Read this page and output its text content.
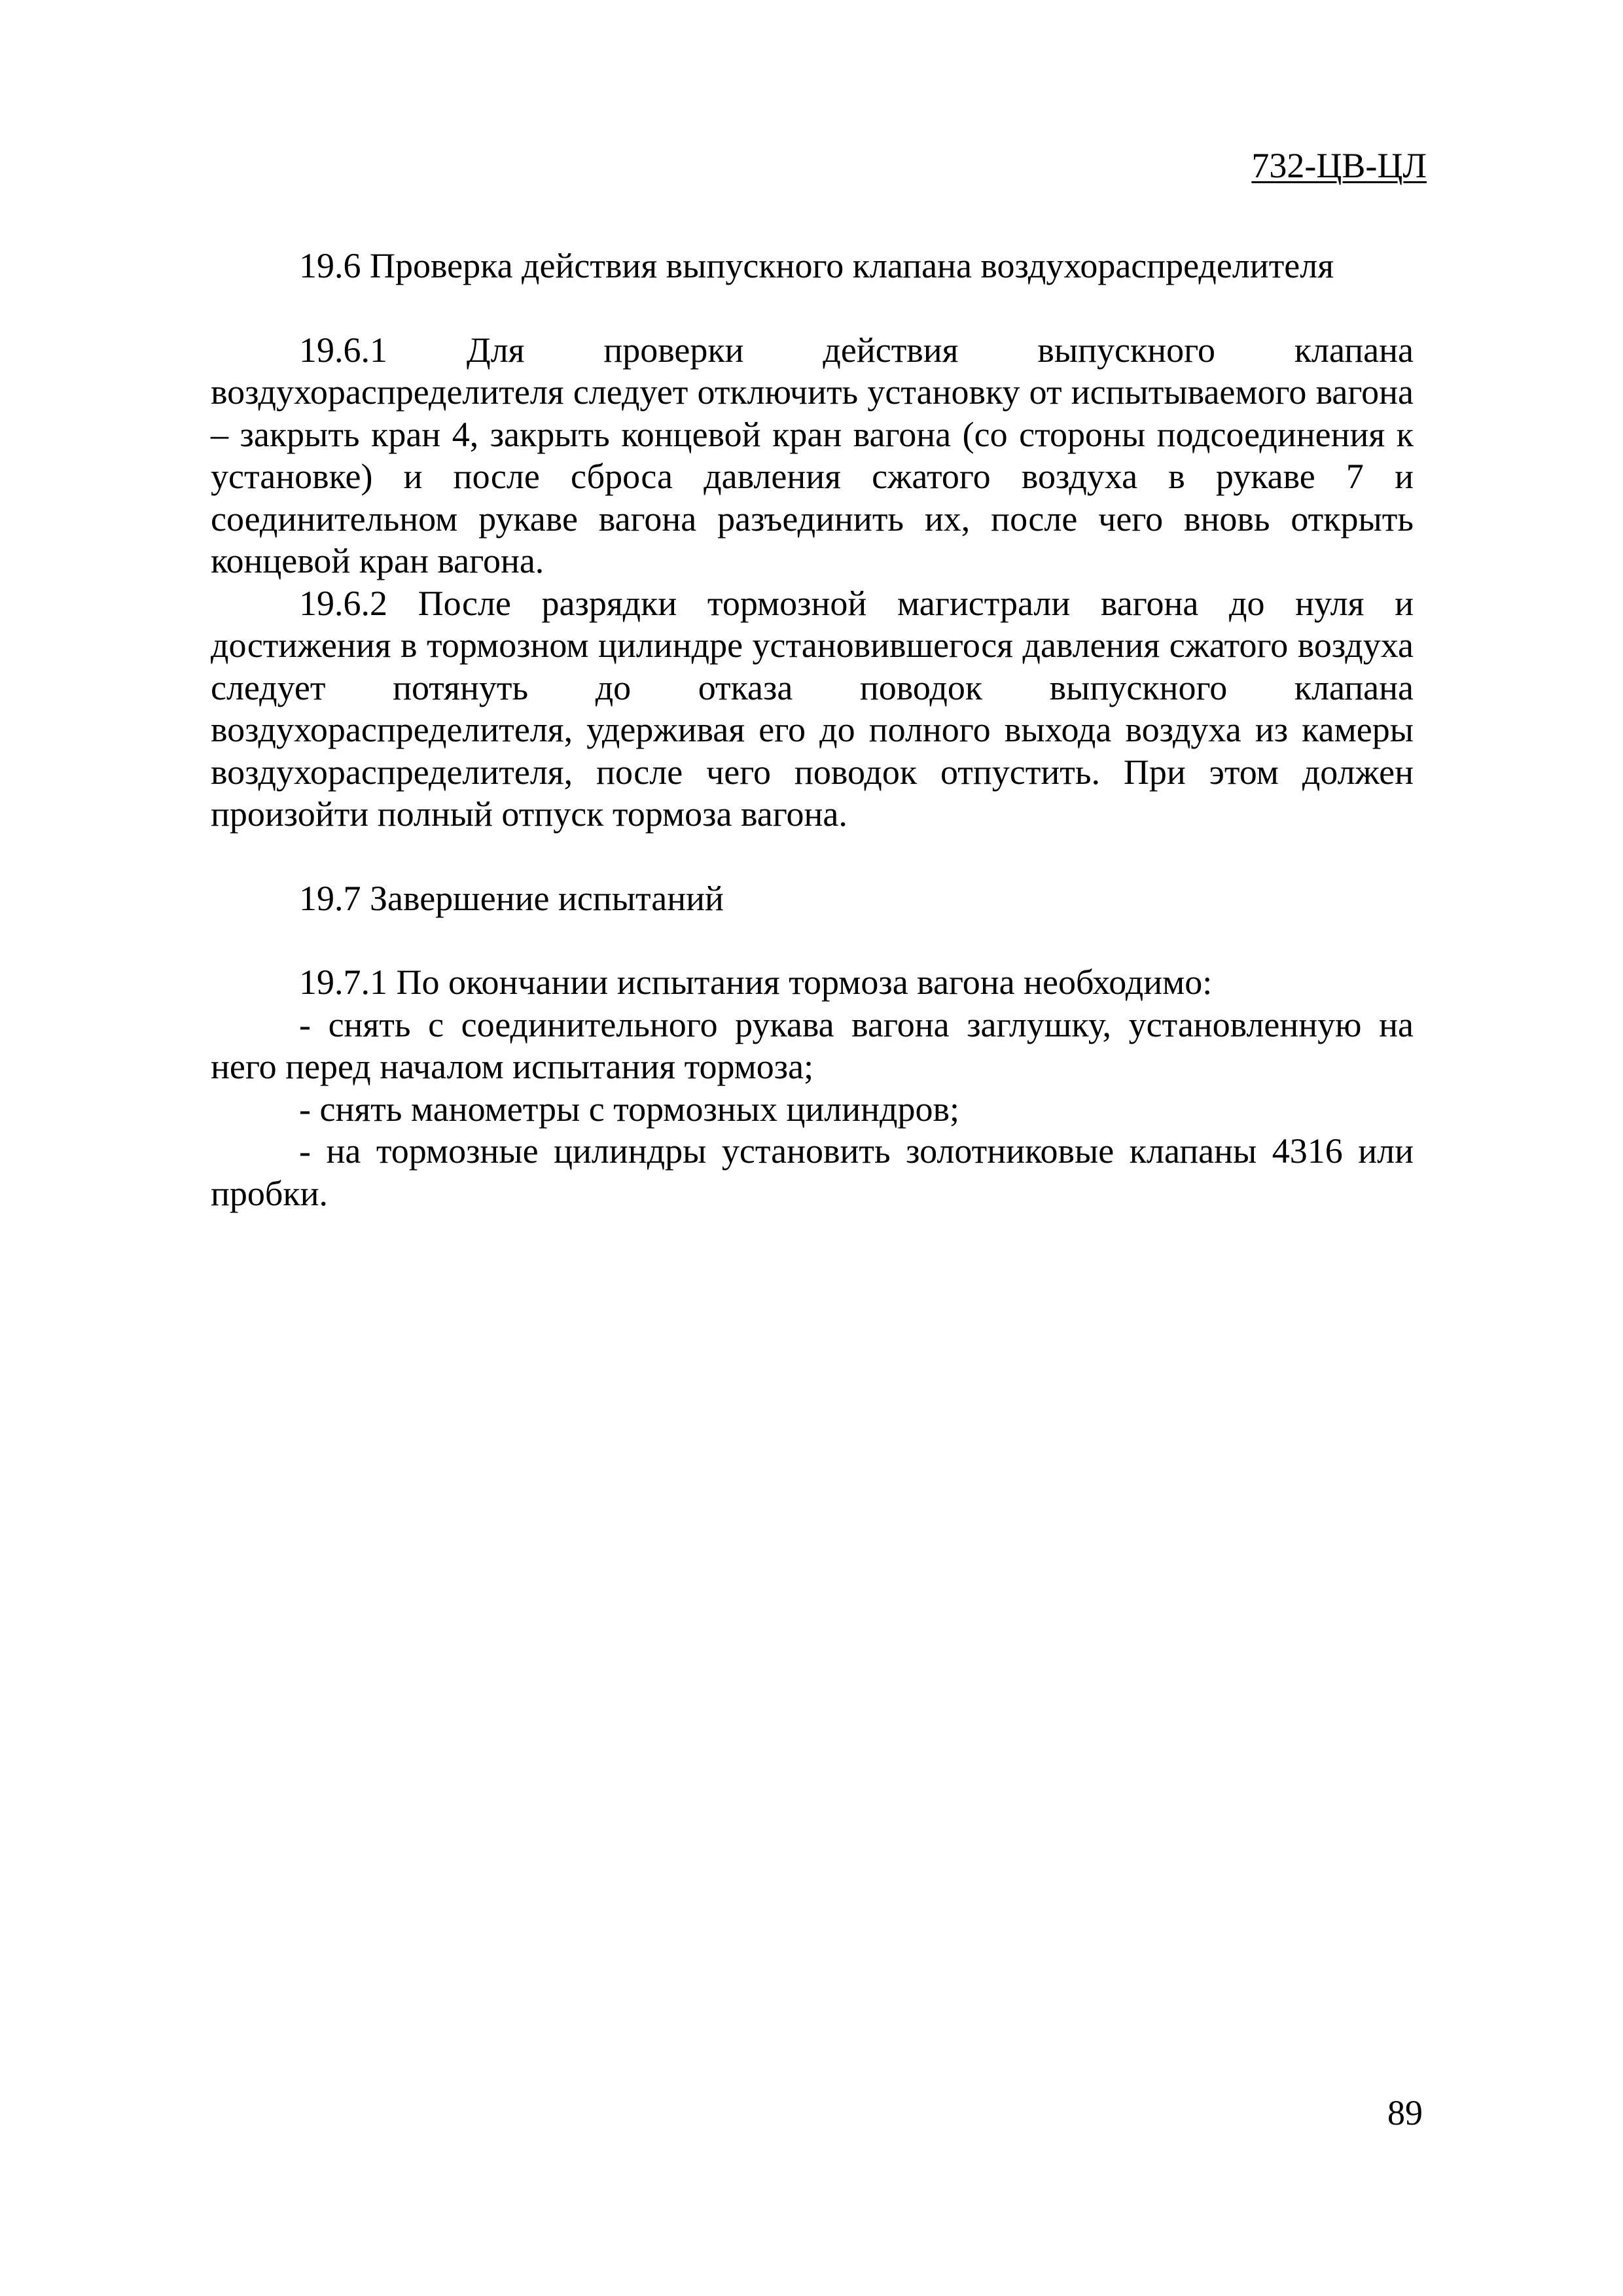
732-ЦВ-ЦЛ

19.6 Проверка действия выпускного клапана воздухораспределителя

19.6.1 Для проверки действия выпускного клапана воздухораспределителя следует отключить установку от испытываемого вагона – закрыть кран 4, закрыть концевой кран вагона (со стороны подсоединения к установке) и после сброса давления сжатого воздуха в рукаве 7 и соединительном рукаве вагона разъединить их, после чего вновь открыть концевой кран вагона.

19.6.2 После разрядки тормозной магистрали вагона до нуля и достижения в тормозном цилиндре установившегося давления сжатого воздуха следует потянуть до отказа поводок выпускного клапана воздухораспределителя, удерживая его до полного выхода воздуха из камеры воздухораспределителя, после чего поводок отпустить. При этом должен произойти полный отпуск тормоза вагона.

19.7 Завершение испытаний

19.7.1 По окончании испытания тормоза вагона необходимо:

- снять с соединительного рукава вагона заглушку, установленную на него перед началом испытания тормоза;

- снять манометры с тормозных цилиндров;

- на тормозные цилиндры установить золотниковые клапаны 4316 или пробки.

89
